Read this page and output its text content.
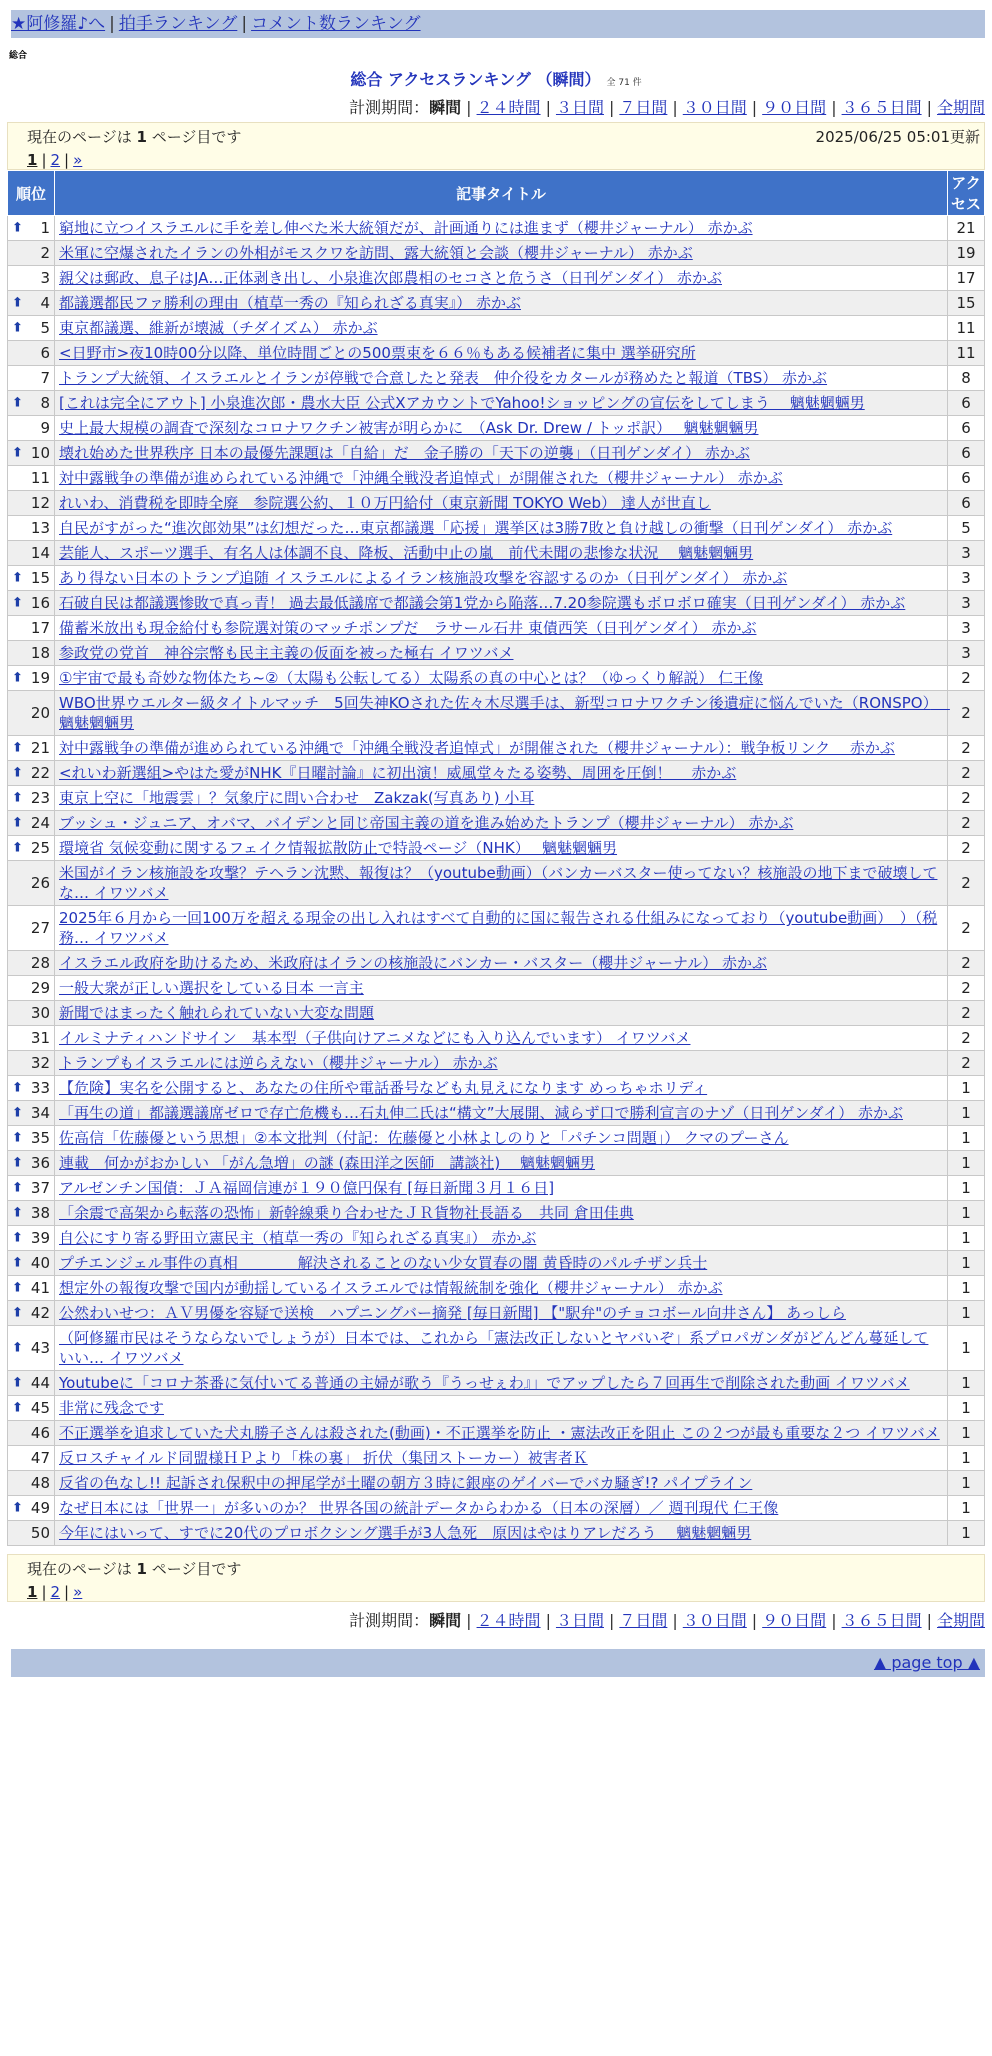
★阿修羅♪へ | 拍手ランキング | コメント数ランキング
総合
総合 アクセスランキング （瞬間） 全 71 件
計測期間：瞬間 | ２４時間 | ３日間 | ７日間 | ３０日間 | ９０日間 | ３６５日間 | 全期間
現在のページは 1 ページ目です	2025/06/25 05:01更新
1 | 2 | »
順位	記事タイトル	アクセス

⬆ 1	窮地に立つイスラエルに手を差し伸べた米大統領だが、計画通りには進まず（櫻井ジャーナル） 赤かぶ	21
2	米軍に空爆されたイランの外相がモスクワを訪問、露大統領と会談（櫻井ジャーナル） 赤かぶ	19
3	親父は郵政、息子はJA…正体剥き出し、小泉進次郎農相のセコさと危うさ（日刊ゲンダイ） 赤かぶ	17

⬆ 4	都議選都民ファ勝利の理由（植草一秀の『知られざる真実』） 赤かぶ	15

⬆ 5	東京都議選、維新が壊滅（チダイズム） 赤かぶ	11
6	<日野市>夜10時00分以降、単位時間ごとの500票束を６６％もある候補者に集中 選挙研究所	11
7	トランプ大統領、イスラエルとイランが停戦で合意したと発表　仲介役をカタールが務めたと報道（TBS） 赤かぶ	8

⬆ 8	[これは完全にアウト] 小泉進次郎・農水大臣 公式XアカウントでYahoo!ショッピングの宣伝をしてしまう　 魑魅魍魎男	6
9	史上最大規模の調査で深刻なコロナワクチン被害が明らかに　（Ask Dr. Drew / トッポ訳）　 魑魅魍魎男	6

⬆ 10	壊れ始めた世界秩序 日本の最優先課題は「自給」だ　金子勝の「天下の逆襲」（日刊ゲンダイ） 赤かぶ	6
11	対中露戦争の準備が進められている沖縄で「沖縄全戦没者追悼式」が開催された（櫻井ジャーナル） 赤かぶ	6
12	れいわ、消費税を即時全廃　参院選公約、１０万円給付（東京新聞 TOKYO Web） 達人が世直し	6
13	自民がすがった“進次郎効果”は幻想だった…東京都議選「応援」選挙区は3勝7敗と負け越しの衝撃（日刊ゲンダイ） 赤かぶ	5
14	芸能人、スポーツ選手、有名人は体調不良、降板、活動中止の嵐　前代未聞の悲惨な状況　 魑魅魍魎男	3

⬆ 15	あり得ない日本のトランプ追随 イスラエルによるイラン核施設攻撃を容認するのか（日刊ゲンダイ） 赤かぶ	3

⬆ 16	石破自民は都議選惨敗で真っ青！ 過去最低議席で都議会第1党から陥落…7.20参院選もボロボロ確実（日刊ゲンダイ） 赤かぶ	3
17	備蓄米放出も現金給付も参院選対策のマッチポンプだ　ラサール石井 東債西笑（日刊ゲンダイ） 赤かぶ	3
18	参政党の党首　神谷宗幣も民主主義の仮面を被った極右 イワツバメ	3

⬆ 19	①宇宙で最も奇妙な物体たち~②（太陽も公転してる）太陽系の真の中心とは？（ゆっくり解説） 仁王像	2
20	WBO世界ウエルター級タイトルマッチ　5回失神KOされた佐々木尽選手は、新型コロナワクチン後遺症に悩んでいた（RONSPO）　 魑魅魍魎男	2

⬆ 21	対中露戦争の準備が進められている沖縄で「沖縄全戦没者追悼式」が開催された（櫻井ジャーナル）：戦争板リンク　 赤かぶ	2

⬆ 22	<れいわ新選組>やはた愛がNHK『日曜討論』に初出演！威風堂々たる姿勢、周囲を圧倒！　 赤かぶ	2

⬆ 23	東京上空に「地震雲」？気象庁に問い合わせ　Zakzak(写真あり) 小耳	2

⬆ 24	ブッシュ・ジュニア、オバマ、バイデンと同じ帝国主義の道を進み始めたトランプ（櫻井ジャーナル） 赤かぶ	2

⬆ 25	環境省 気候変動に関するフェイク情報拡散防止で特設ページ（NHK）　 魑魅魍魎男	2
26	米国がイラン核施設を攻撃？テヘラン沈黙、報復は？（youtube動画）（バンカーバスター使ってない？核施設の地下まで破壊してな… イワツバメ	2
27	2025年６月から一回100万を超える現金の出し入れはすべて自動的に国に報告される仕組みになっており（youtube動画）　）（税務… イワツバメ	2
28	イスラエル政府を助けるため、米政府はイランの核施設にバンカー・バスター（櫻井ジャーナル） 赤かぶ	2
29	一般大衆が正しい選択をしている日本 一言主	2
30	新聞ではまったく触れられていない大変な問題	2
31	イルミナティハンドサイン　基本型（子供向けアニメなどにも入り込んでいます） イワツバメ	2
32	トランプもイスラエルには逆らえない（櫻井ジャーナル） 赤かぶ	2

⬆ 33	【危険】実名を公開すると、あなたの住所や電話番号なども丸見えになります めっちゃホリディ	1

⬆ 34	「再生の道」都議選議席ゼロで存亡危機も…石丸伸二氏は“構文”大展開、減らず口で勝利宣言のナゾ（日刊ゲンダイ） 赤かぶ	1

⬆ 35	佐高信「佐藤優という思想」②本文批判（付記：佐藤優と小林よしのりと「パチンコ問題」） クマのプーさん	1

⬆ 36	連載　何かがおかしい 「がん急増」の謎 (森田洋之医師　講談社)　 魑魅魍魎男	1

⬆ 37	アルゼンチン国債：ＪＡ福岡信連が１９０億円保有 [毎日新聞３月１６日]	1

⬆ 38	「余震で高架から転落の恐怖」新幹線乗り合わせたＪＲ貨物社長語る　共同 倉田佳典	1

⬆ 39	自公にすり寄る野田立憲民主（植草一秀の『知られざる真実』） 赤かぶ	1

⬆ 40	プチエンジェル事件の真相　　　　解決されることのない少女買春の闇 黄昏時のパルチザン兵士	1

⬆ 41	想定外の報復攻撃で国内が動揺しているイスラエルでは情報統制を強化（櫻井ジャーナル） 赤かぶ	1

⬆ 42	公然わいせつ：ＡＶ男優を容疑で送検　ハプニングバー摘発 [毎日新聞] 【"駅弁"のチョコボール向井さん】 あっしら	1

⬆ 43	（阿修羅市民はそうならないでしょうが）日本では、これから「憲法改正しないとヤバいぞ」系プロパガンダがどんどん蔓延していい… イワツバメ	1

⬆ 44	Youtubeに「コロナ茶番に気付いてる普通の主婦が歌う『うっせぇわ』」でアップしたら７回再生で削除された動画 イワツバメ	1

⬆ 45	非常に残念です	1
46	不正選挙を追求していた犬丸勝子さんは殺された(動画)・不正選挙を防止 ・憲法改正を阻止 この２つが最も重要な２つ イワツバメ	1
47	反ロスチャイルド同盟様ＨＰより「株の裏」 折伏（集団ストーカー）被害者Ｋ	1
48	反省の色なし!! 起訴され保釈中の押尾学が土曜の朝方３時に銀座のゲイバーでバカ騒ぎ!? パイプライン	1

⬆ 49	なぜ日本には「世界一」が多いのか？ 世界各国の統計データからわかる（日本の深層）／ 週刊現代 仁王像	1
50	今年にはいって、すでに20代のプロボクシング選手が3人急死　原因はやはりアレだろう　 魑魅魍魎男	1
現在のページは 1 ページ目です
1 | 2 | »
計測期間：瞬間 | ２４時間 | ３日間 | ７日間 | ３０日間 | ９０日間 | ３６５日間 | 全期間
▲ page top ▲
